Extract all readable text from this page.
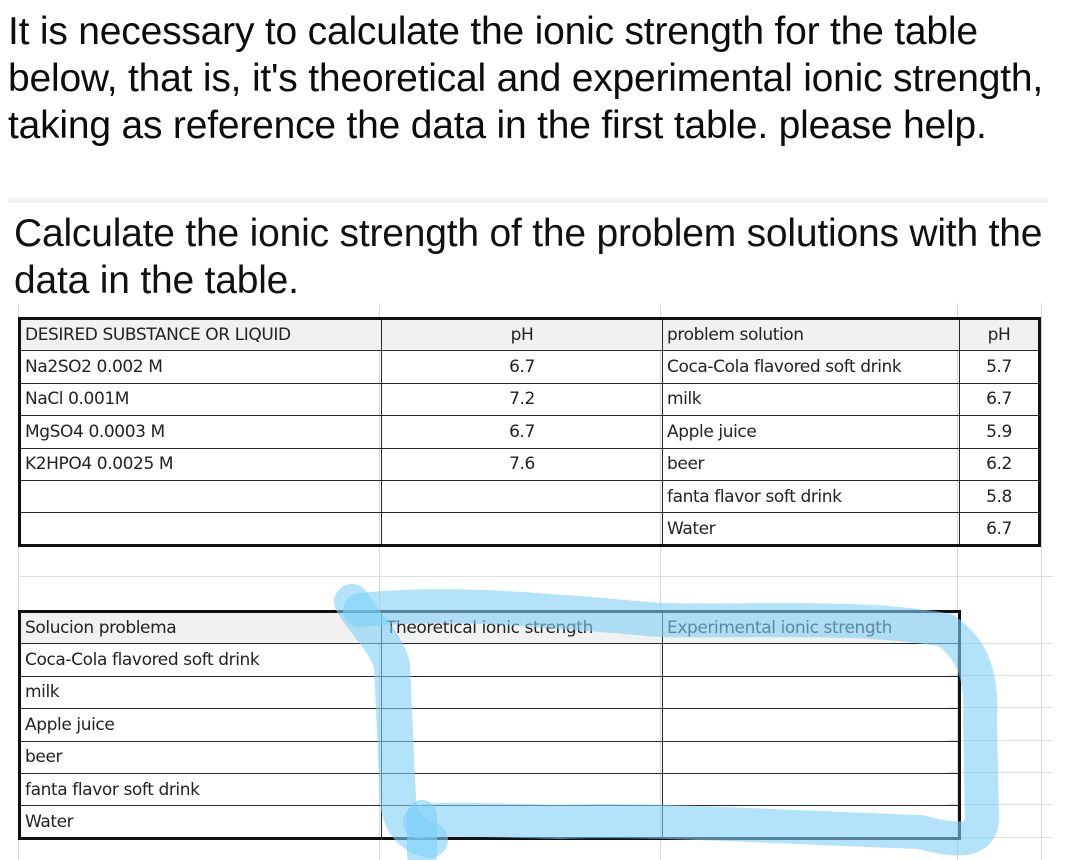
It is necessary to calculate the ionic strength for the table below, that is, it's theoretical and experimental ionic strength, taking as reference the data in the first table. please help.
Calculate the ionic strength of the problem solutions with the data in the table.
DESIRED SUBSTANCE OR LIQUID	pH	problem solution	pH
Na2SO2 0.002 M	6.7	Coca-Cola flavored soft drink	5.7
NaCl 0.001M	7.2	milk	6.7
MgSO4 0.0003 M	6.7	Apple juice	5.9
K2HPO4 0.0025 M	7.6	beer	6.2
		fanta flavor soft drink	5.8
		Water	6.7
Solucion problema	Theoretical ionic strength	Experimental ionic strength
Coca-Cola flavored soft drink		
milk		
Apple juice		
beer		
fanta flavor soft drink		
Water		
